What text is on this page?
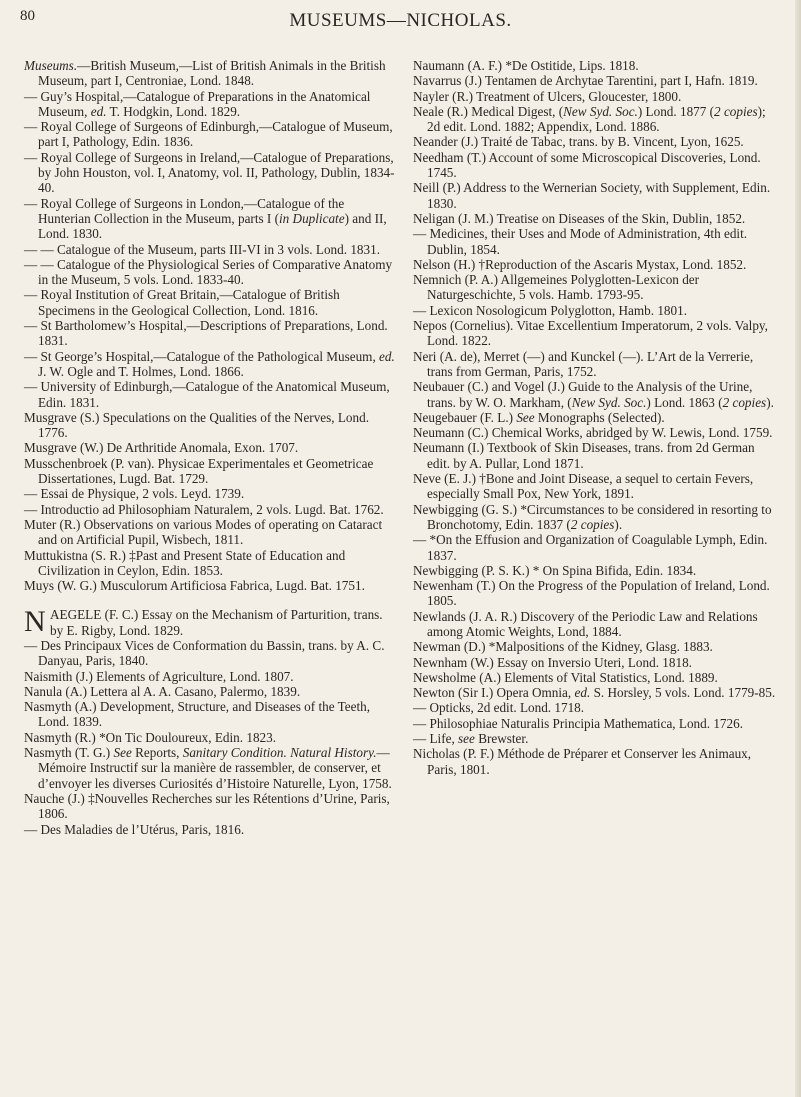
80	MUSEUMS—NICHOLAS.

Museums.—British Museum,—List of British Animals in the British Museum, part I, Centroniae, Lond. 1848.

— Guy’s Hospital,—Catalogue of Preparations in the Anatomical Museum, ed. T. Hodgkin, Lond. 1829.

— Royal College of Surgeons of Edinburgh,—Catalogue of Museum, part I, Pathology, Edin. 1836.

— Royal College of Surgeons in Ireland,—Catalogue of Preparations, by John Houston, vol. I, Anatomy, vol. II, Pathology, Dublin, 1834-40.

— Royal College of Surgeons in London,—Catalogue of the Hunterian Collection in the Museum, parts I (in Duplicate) and II, Lond. 1830.

— — Catalogue of the Museum, parts III-VI in 3 vols. Lond. 1831.

— — Catalogue of the Physiological Series of Comparative Anatomy in the Museum, 5 vols. Lond. 1833-40.

— Royal Institution of Great Britain,—Catalogue of British Specimens in the Geological Collection, Lond. 1816.

— St Bartholomew’s Hospital,—Descriptions of Preparations, Lond. 1831.

— St George’s Hospital,—Catalogue of the Pathological Museum, ed. J. W. Ogle and T. Holmes, Lond. 1866.

— University of Edinburgh,—Catalogue of the Anatomical Museum, Edin. 1831.

Musgrave (S.) Speculations on the Qualities of the Nerves, Lond. 1776.

Musgrave (W.) De Arthritide Anomala, Exon. 1707.

Musschenbroek (P. van). Physicae Experimentales et Geometricae Dissertationes, Lugd. Bat. 1729.

— Essai de Physique, 2 vols. Leyd. 1739.

— Introductio ad Philosophiam Naturalem, 2 vols. Lugd. Bat. 1762.

Muter (R.) Observations on various Modes of operating on Cataract and on Artificial Pupil, Wisbech, 1811.

Muttukistna (S. R.) ‡Past and Present State of Education and Civilization in Ceylon, Edin. 1853.

Muys (W. G.) Musculorum Artificiosa Fabrica, Lugd. Bat. 1751.

N AEGELE (F. C.) Essay on the Mechanism of Parturition, trans. by E. Rigby, Lond. 1829.

— Des Principaux Vices de Conformation du Bassin, trans. by A. C. Danyau, Paris, 1840.

Naismith (J.) Elements of Agriculture, Lond. 1807.

Nanula (A.) Lettera al A. A. Casano, Palermo, 1839.

Nasmyth (A.) Development, Structure, and Diseases of the Teeth, Lond. 1839.

Nasmyth (R.) *On Tic Douloureux, Edin. 1823.

Nasmyth (T. G.) See Reports, Sanitary Condition. Natural History.—Mémoire Instructif sur la manière de rassembler, de conserver, et d’envoyer les diverses Curiosités d’Histoire Naturelle, Lyon, 1758.

Nauche (J.) ‡Nouvelles Recherches sur les Rétentions d’Urine, Paris, 1806.

— Des Maladies de l’Utérus, Paris, 1816.

Naumann (A. F.) *De Ostitide, Lips. 1818.

Navarrus (J.) Tentamen de Archytae Tarentini, part I, Hafn. 1819.

Nayler (R.) Treatment of Ulcers, Gloucester, 1800.

Neale (R.) Medical Digest, (New Syd. Soc.) Lond. 1877 (2 copies); 2d edit. Lond. 1882; Appendix, Lond. 1886.

Neander (J.) Traité de Tabac, trans. by B. Vincent, Lyon, 1625.

Needham (T.) Account of some Microscopical Discoveries, Lond. 1745.

Neill (P.) Address to the Wernerian Society, with Supplement, Edin. 1830.

Neligan (J. M.) Treatise on Diseases of the Skin, Dublin, 1852.

— Medicines, their Uses and Mode of Administration, 4th edit. Dublin, 1854.

Nelson (H.) †Reproduction of the Ascaris Mystax, Lond. 1852.

Nemnich (P. A.) Allgemeines Polyglotten-Lexicon der Naturgeschichte, 5 vols. Hamb. 1793-95.

— Lexicon Nosologicum Polyglotton, Hamb. 1801.

Nepos (Cornelius). Vitae Excellentium Imperatorum, 2 vols. Valpy, Lond. 1822.

Neri (A. de), Merret (—) and Kunckel (—). L’Art de la Verrerie, trans from German, Paris, 1752.

Neubauer (C.) and Vogel (J.) Guide to the Analysis of the Urine, trans. by W. O. Markham, (New Syd. Soc.) Lond. 1863 (2 copies).

Neugebauer (F. L.) See Monographs (Selected).

Neumann (C.) Chemical Works, abridged by W. Lewis, Lond. 1759.

Neumann (I.) Textbook of Skin Diseases, trans. from 2d German edit. by A. Pullar, Lond 1871.

Neve (E. J.) †Bone and Joint Disease, a sequel to certain Fevers, especially Small Pox, New York, 1891.

Newbigging (G. S.) *Circumstances to be considered in resorting to Bronchotomy, Edin. 1837 (2 copies).

— *On the Effusion and Organization of Coagulable Lymph, Edin. 1837.

Newbigging (P. S. K.) * On Spina Bifida, Edin. 1834.

Newenham (T.) On the Progress of the Population of Ireland, Lond. 1805.

Newlands (J. A. R.) Discovery of the Periodic Law and Relations among Atomic Weights, Lond, 1884.

Newman (D.) *Malpositions of the Kidney, Glasg. 1883.

Newnham (W.) Essay on Inversio Uteri, Lond. 1818.

Newsholme (A.) Elements of Vital Statistics, Lond. 1889.

Newton (Sir I.) Opera Omnia, ed. S. Horsley, 5 vols. Lond. 1779-85.

— Opticks, 2d edit. Lond. 1718.

— Philosophiae Naturalis Principia Mathematica, Lond. 1726.

— Life, see Brewster.

Nicholas (P. F.) Méthode de Préparer et Conserver les Animaux, Paris, 1801.
